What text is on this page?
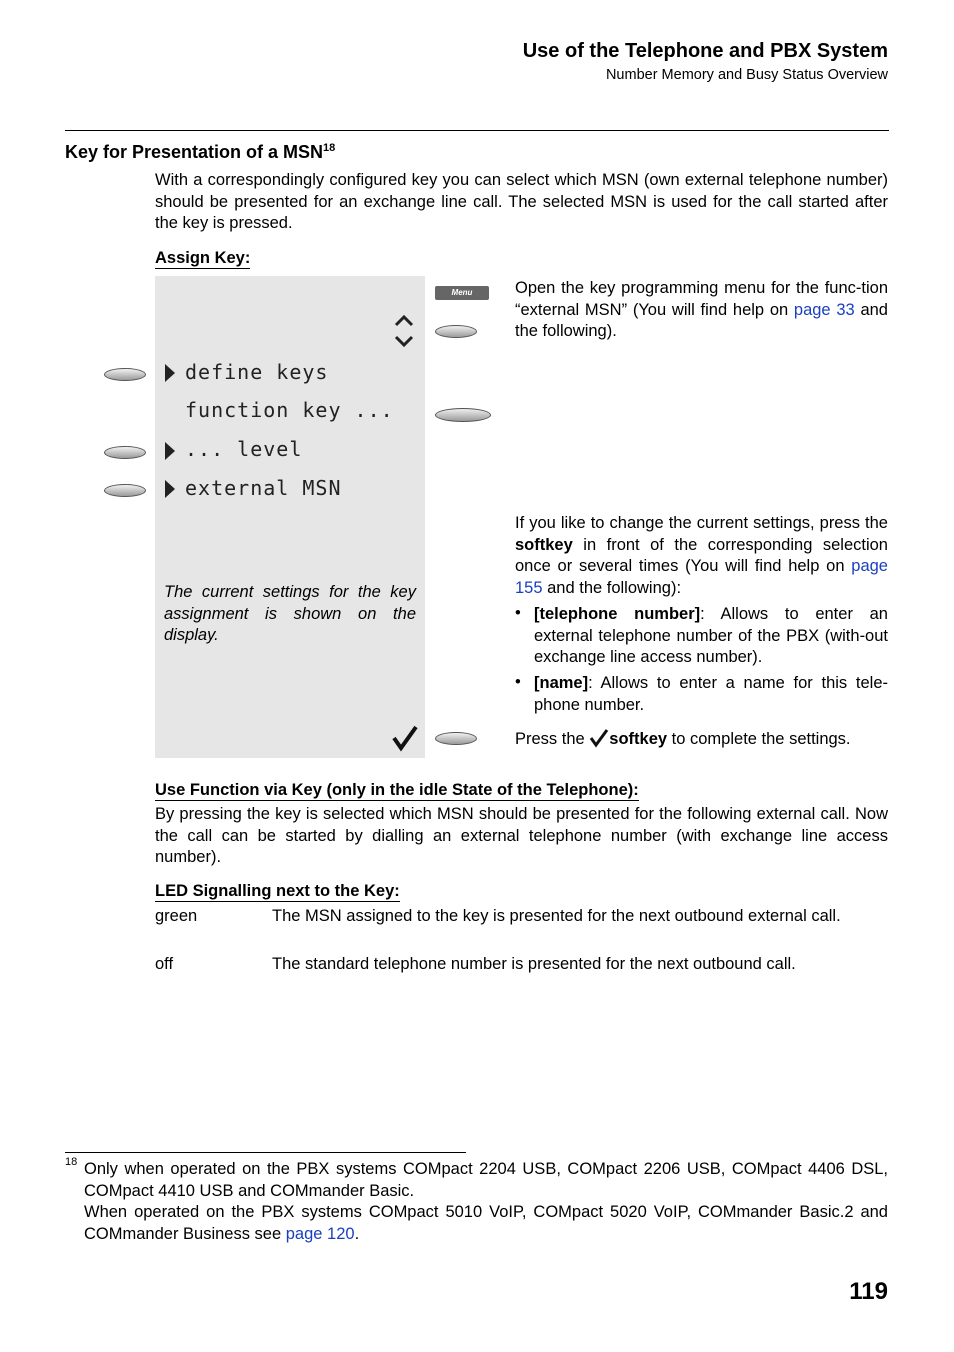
Use of the Telephone and PBX System
Number Memory and Busy Status Overview
Key for Presentation of a MSN$^{18}$
With a correspondingly configured key you can select which MSN (own external telephone number) should be presented for an exchange line call. The selected MSN is used for the call started after the key is pressed.
Assign Key:
define keys
function key ...
... level
external MSN
The current settings for the key assignment is shown on the display.
Menu	Open the key programming menu for the func-tion “external MSN” (You will find help on page 33 and the following).
If you like to change the current settings, press the softkey in front of the corresponding selection once or several times (You will find help on page 155 and the following):
• [telephone number]: Allows to enter an external telephone number of the PBX (with-out exchange line access number).
• [name]: Allows to enter a name for this tele-phone number.
Press the softkey to complete the settings.
Use Function via Key (only in the idle State of the Telephone):
By pressing the key is selected which MSN should be presented for the following external call. Now the call can be started by dialling an external telephone number (with exchange line access number).
LED Signalling next to the Key:
green	The MSN assigned to the key is presented for the next outbound external call.
off	The standard telephone number is presented for the next outbound call.
18 Only when operated on the PBX systems COMpact 2204 USB, COMpact 2206 USB, COMpact 4406 DSL, COMpact 4410 USB and COMmander Basic.
When operated on the PBX systems COMpact 5010 VoIP, COMpact 5020 VoIP, COMmander Basic.2 and COMmander Business see page 120.
119
